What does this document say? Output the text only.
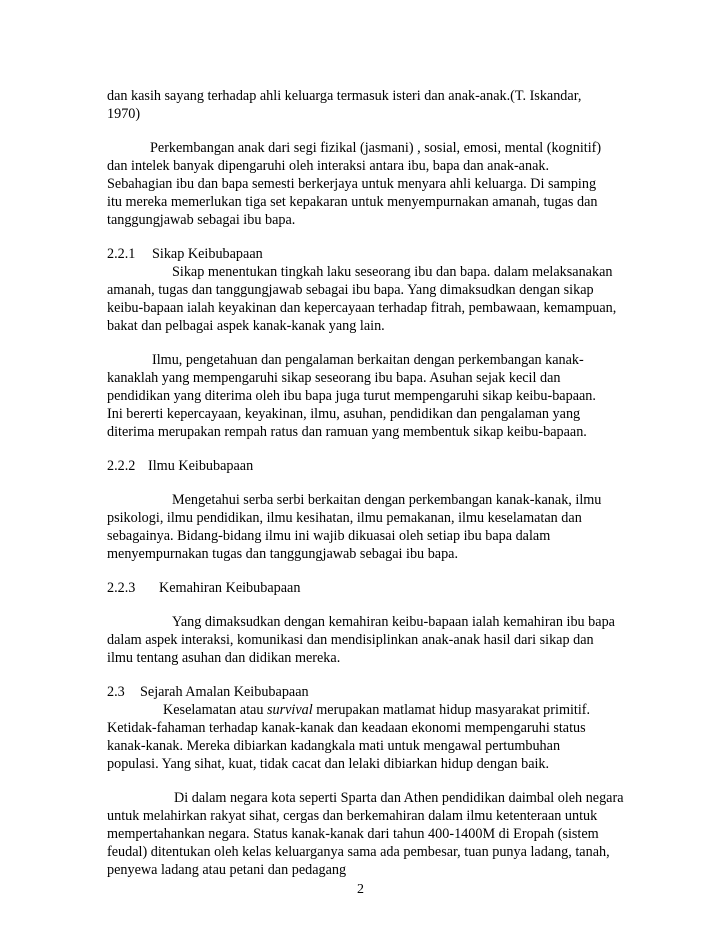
dan kasih sayang terhadap ahli keluarga termasuk isteri dan anak-anak.(T. Iskandar,
1970)
Perkembangan anak dari segi fizikal (jasmani) , sosial, emosi, mental (kognitif)
dan intelek banyak dipengaruhi oleh interaksi antara ibu, bapa dan anak-anak.
Sebahagian ibu dan bapa semesti berkerjaya untuk menyara ahli keluarga. Di samping
itu mereka memerlukan tiga set kepakaran untuk menyempurnakan amanah, tugas dan
tanggungjawab sebagai ibu bapa.
2.2.1 Sikap Keibubapaan
Sikap menentukan tingkah laku seseorang ibu dan bapa. dalam melaksanakan
amanah, tugas dan tanggungjawab sebagai ibu bapa. Yang dimaksudkan dengan sikap
keibu-bapaan ialah keyakinan dan kepercayaan terhadap fitrah, pembawaan, kemampuan,
bakat dan pelbagai aspek kanak-kanak yang lain.
Ilmu, pengetahuan dan pengalaman berkaitan dengan perkembangan kanak-
kanaklah yang mempengaruhi sikap seseorang ibu bapa. Asuhan sejak kecil dan
pendidikan yang diterima oleh ibu bapa juga turut mempengaruhi sikap keibu-bapaan.
Ini bererti kepercayaan, keyakinan, ilmu, asuhan, pendidikan dan pengalaman yang
diterima merupakan rempah ratus dan ramuan yang membentuk sikap keibu-bapaan.
2.2.2 Ilmu Keibubapaan
Mengetahui serba serbi berkaitan dengan perkembangan kanak-kanak, ilmu
psikologi, ilmu pendidikan, ilmu kesihatan, ilmu pemakanan, ilmu keselamatan dan
sebagainya. Bidang-bidang ilmu ini wajib dikuasai oleh setiap ibu bapa dalam
menyempurnakan tugas dan tanggungjawab sebagai ibu bapa.
2.2.3 Kemahiran Keibubapaan
Yang dimaksudkan dengan kemahiran keibu-bapaan ialah kemahiran ibu bapa
dalam aspek interaksi, komunikasi dan mendisiplinkan anak-anak hasil dari sikap dan
ilmu tentang asuhan dan didikan mereka.
2.3 Sejarah Amalan Keibubapaan
Keselamatan atau survival merupakan matlamat hidup masyarakat primitif.
Ketidak-fahaman terhadap kanak-kanak dan keadaan ekonomi mempengaruhi status
kanak-kanak. Mereka dibiarkan kadangkala mati untuk mengawal pertumbuhan
populasi. Yang sihat, kuat, tidak cacat dan lelaki dibiarkan hidup dengan baik.
Di dalam negara kota seperti Sparta dan Athen pendidikan daimbal oleh negara
untuk melahirkan rakyat sihat, cergas dan berkemahiran dalam ilmu ketenteraan untuk
mempertahankan negara. Status kanak-kanak dari tahun 400-1400M di Eropah (sistem
feudal) ditentukan oleh kelas keluarganya sama ada pembesar, tuan punya ladang, tanah,
penyewa ladang atau petani dan pedagang
2
